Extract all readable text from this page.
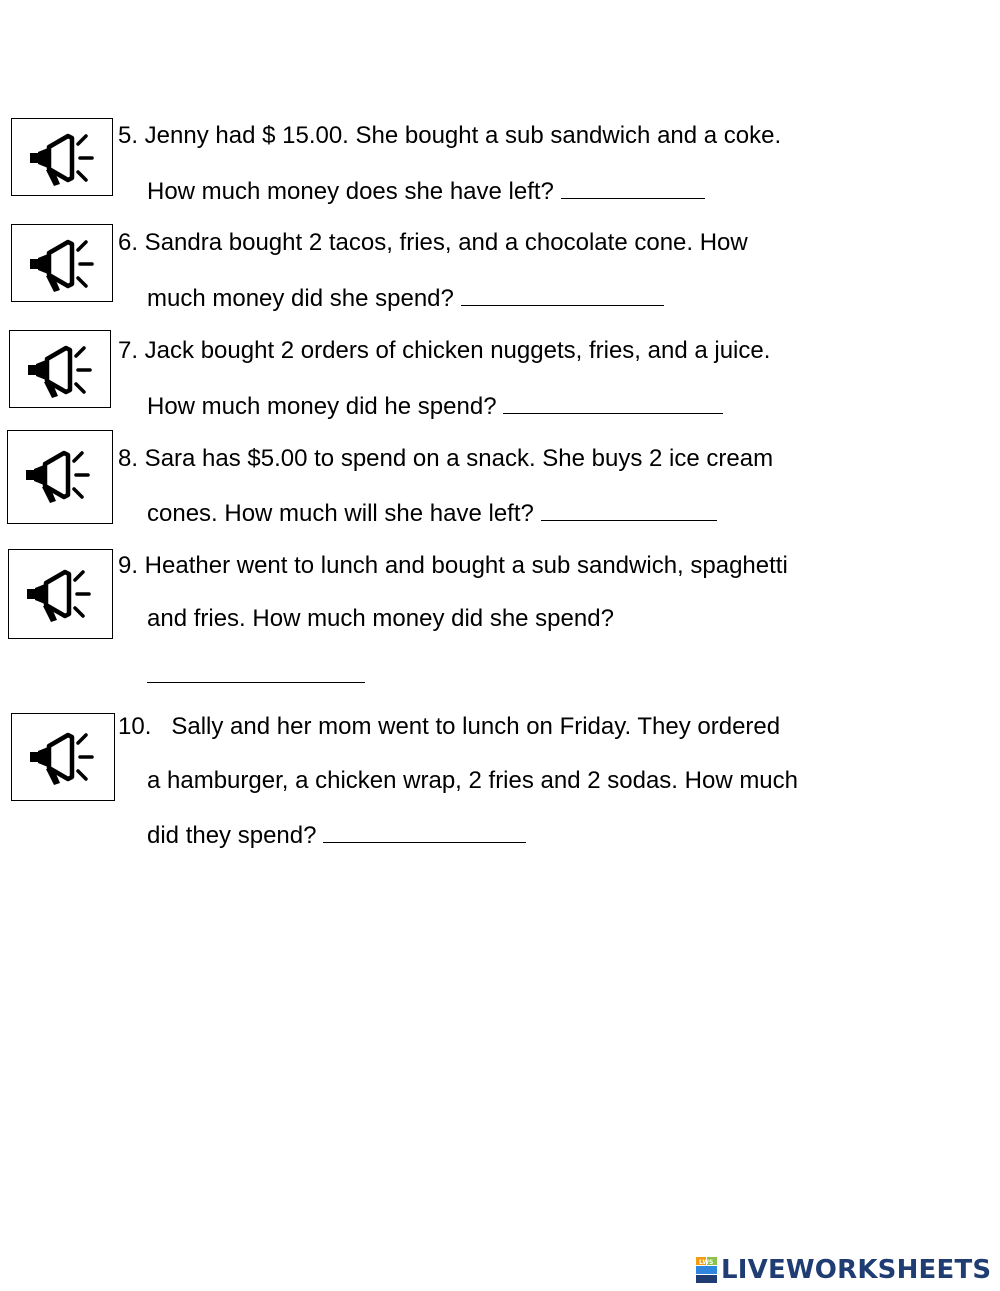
5. Jenny had $ 15.00. She bought a sub sandwich and a coke.
How much money does she have left?
6. Sandra bought 2 tacos, fries, and a chocolate cone. How
much money did she spend?
7. Jack bought 2 orders of chicken nuggets, fries, and a juice.
How much money did he spend?
8. Sara has $5.00 to spend on a snack. She buys 2 ice cream
cones. How much will she have left?
9. Heather went to lunch and bought a sub sandwich, spaghetti
and fries. How much money did she spend?
10.   Sally and her mom went to lunch on Friday. They ordered
a hamburger, a chicken wrap, 2 fries and 2 sodas. How much
did they spend?
LWS LIVEWORKSHEETS
